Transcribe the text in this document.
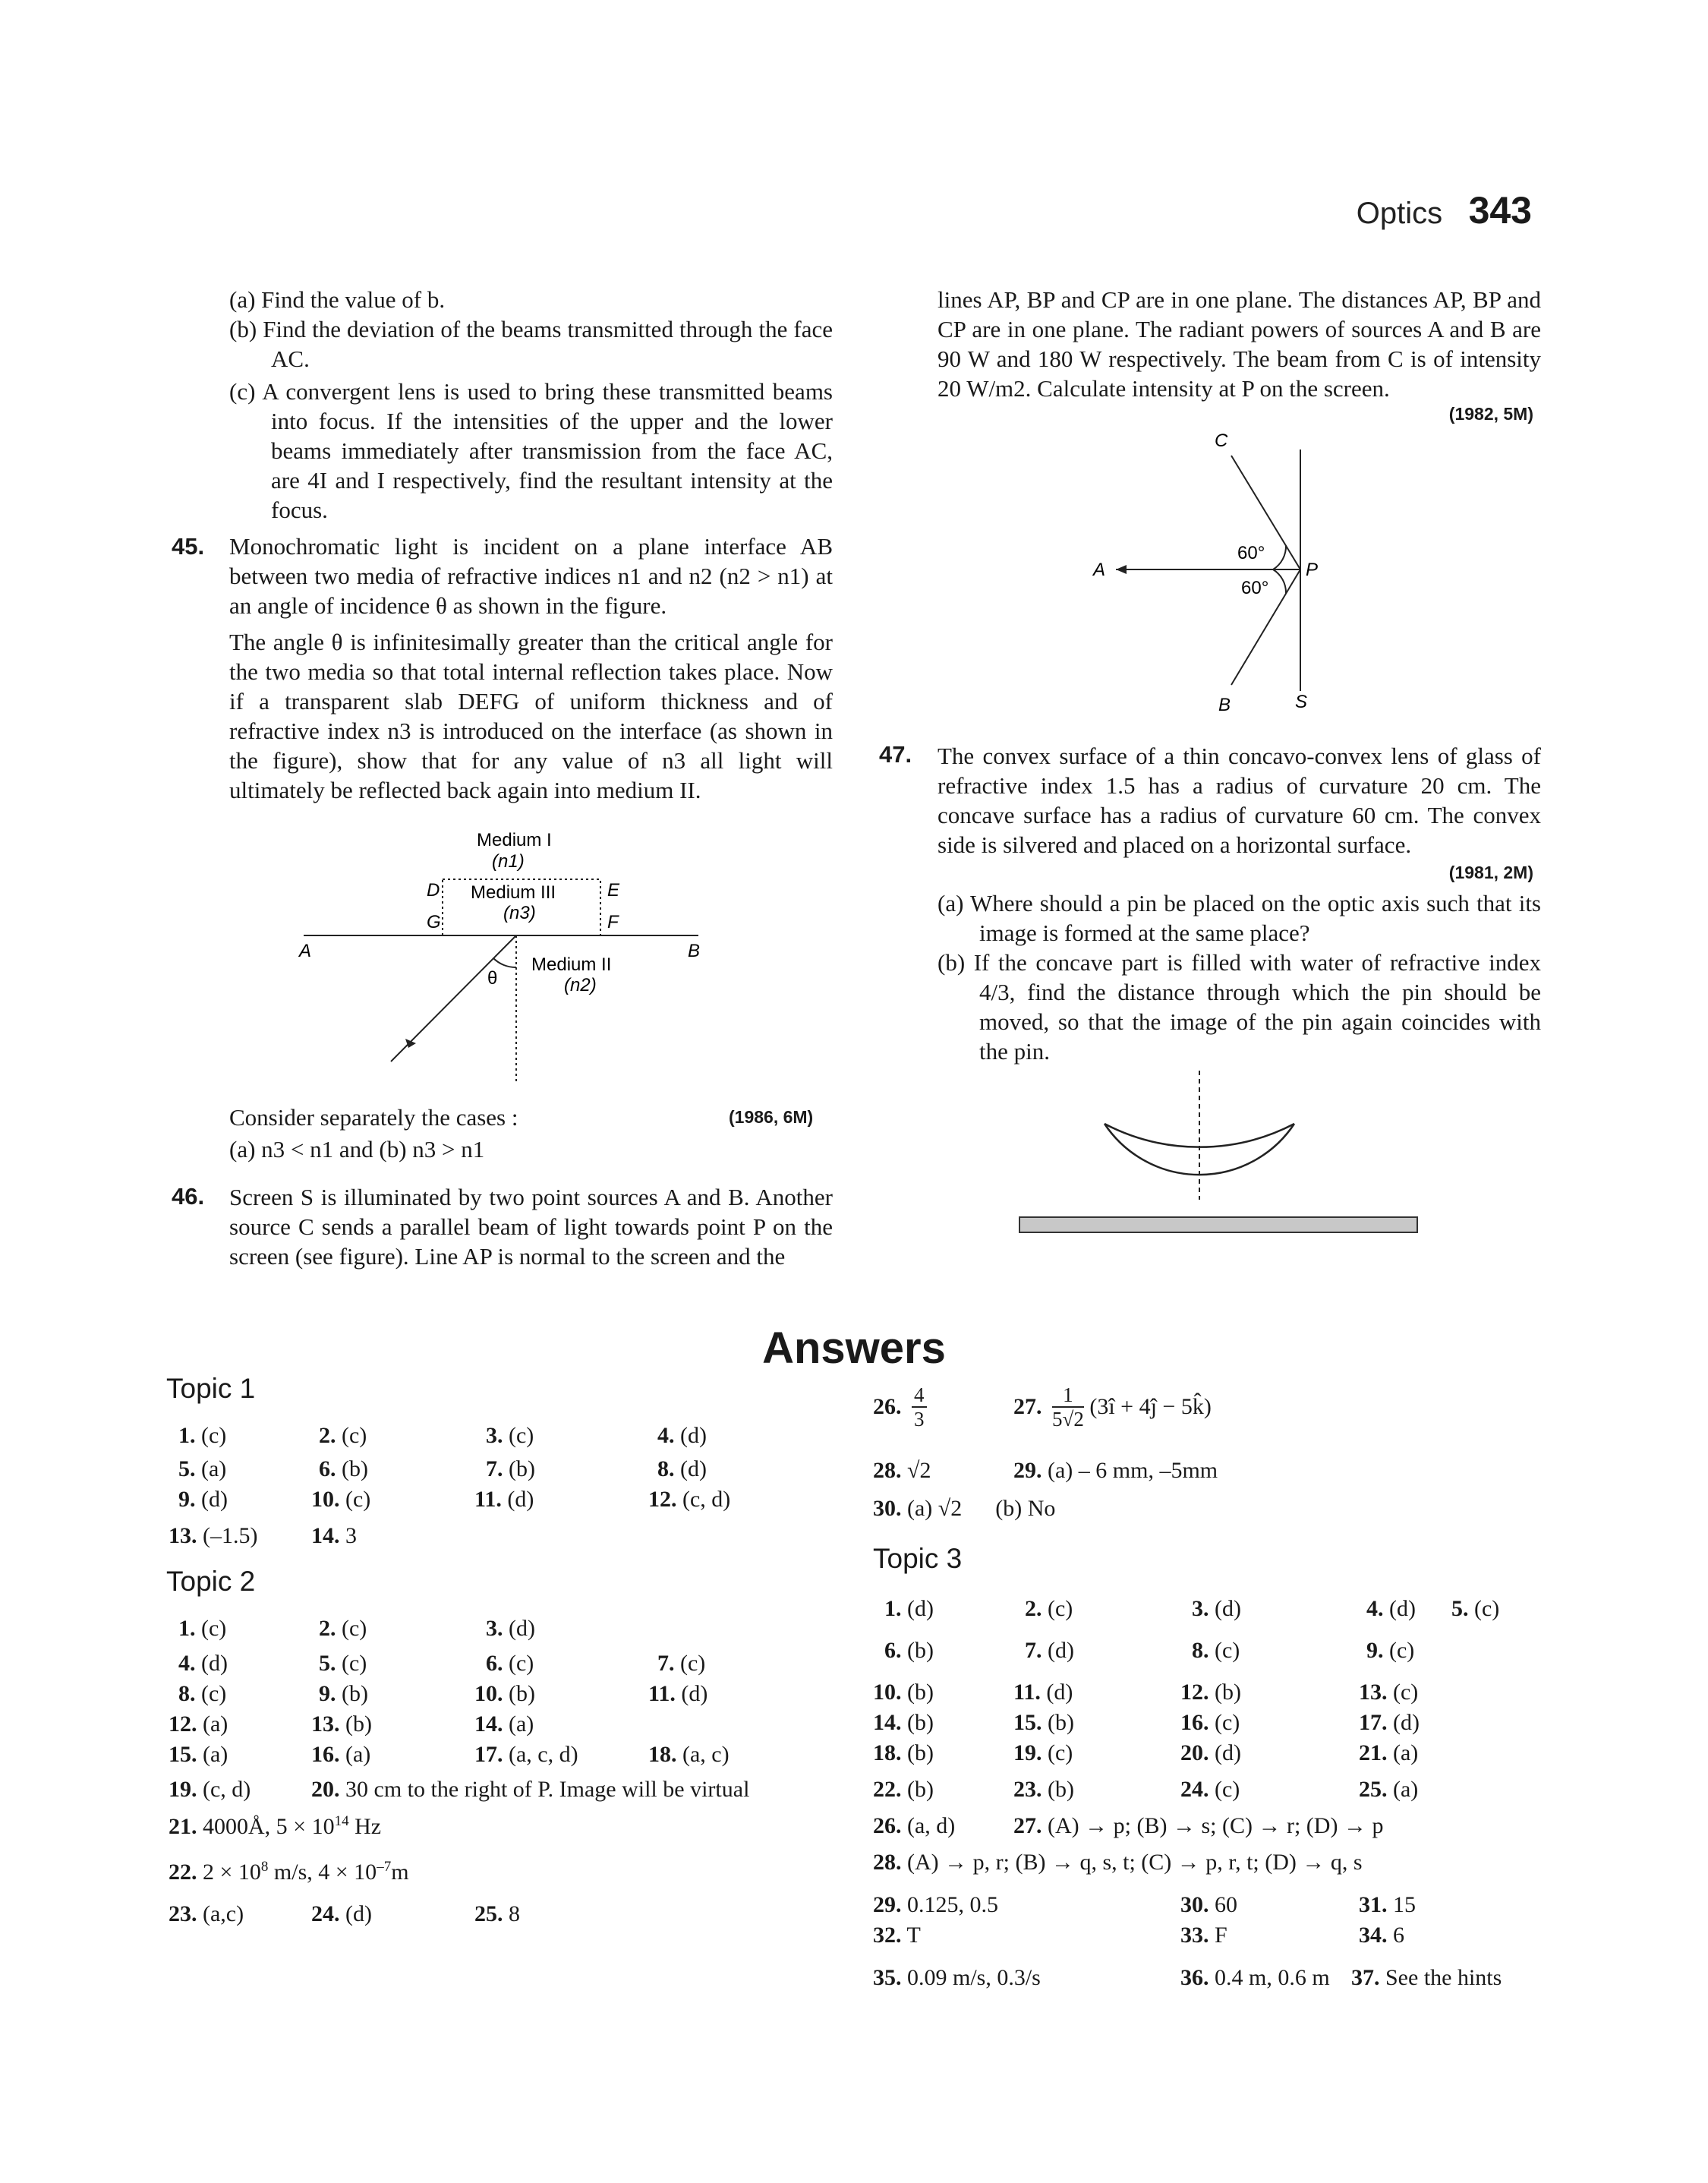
Optics 343
(a) Find the value of b.
(b) Find the deviation of the beams transmitted through the face AC.
(c) A convergent lens is used to bring these transmitted beams into focus. If the intensities of the upper and the lower beams immediately after transmission from the face AC, are 4I and I respectively, find the resultant intensity at the focus.
45. Monochromatic light is incident on a plane interface AB between two media of refractive indices n1 and n2 (n2 > n1) at an angle of incidence θ as shown in the figure.
The angle θ is infinitesimally greater than the critical angle for the two media so that total internal reflection takes place. Now if a transparent slab DEFG of uniform thickness and of refractive index n3 is introduced on the interface (as shown in the figure), show that for any value of n3 all light will ultimately be reflected back again into medium II.
Medium I
(n1)
D	E
G	F
Medium III
(n3)
A	B
Medium II
(n2)
θ
Consider separately the cases :	(1986, 6M)
(a) n3 < n1 and (b) n3 > n1
46. Screen S is illuminated by two point sources A and B. Another source C sends a parallel beam of light towards point P on the screen (see figure). Line AP is normal to the screen and the
lines AP, BP and CP are in one plane. The distances AP, BP and CP are in one plane. The radiant powers of sources A and B are 90 W and 180 W respectively. The beam from C is of intensity 20 W/m2. Calculate intensity at P on the screen.
(1982, 5M)
C
A	P
B	S
60°
60°
47. The convex surface of a thin concavo-convex lens of glass of refractive index 1.5 has a radius of curvature 20 cm. The concave surface has a radius of curvature 60 cm. The convex side is silvered and placed on a horizontal surface.
(1981, 2M)
(a) Where should a pin be placed on the optic axis such that its image is formed at the same place?
(b) If the concave part is filled with water of refractive index 4/3, find the distance through which the pin should be moved, so that the image of the pin again coincides with the pin.
Answers
Topic 1
1. (c)	2. (c)	3. (c)	4. (d)
5. (a)	6. (b)	7. (b)	8. (d)
9. (d)	10. (c)	11. (d)	12. (c, d)
13. (–1.5) 14. 3
Topic 2
1. (c)	2. (c)	3. (d)
4. (d)	5. (c)	6. (c)	7. (c)
8. (c)	9. (b)	10. (b)	11. (d)
12. (a)	13. (b)	14. (a)
15. (a)	16. (a)	17. (a, c, d)	18. (a, c)
19. (c, d)	20. 30 cm to the right of P. Image will be virtual
21. 4000Å, $5 \times 10^{14}$ Hz
22. $2 \times 10^8$ m/s, $4 \times 10^{-7}m$
23. (a,c)	24. (d)	25. 8
26. $\frac{4}{3}$	27. $\frac{1}{5√2}$ (3î + 4ĵ − 5k̂)
28. √2	29. (a) – 6 mm, –5mm
30. (a) √2 (b) No
Topic 3
1. (d)	2. (c)	3. (d)	4. (d) 5. (c)
6. (b)	7. (d)	8. (c)	9. (c)
10. (b)	11. (d)	12. (b)	13. (c)
14. (b)	15. (b)	16. (c)	17. (d)
18. (b)	19. (c)	20. (d)	21. (a)
22. (b)	23. (b)	24. (c)	25. (a)
26. (a, d)	27. (A) → p; (B) → s; (C) → r; (D) → p
28. (A) → p, r; (B) → q, s, t; (C) → p, r, t; (D) → q, s
29. 0.125, 0.5	30. 60	31. 15
32. T	33. F	34. 6
35. 0.09 m/s, 0.3/s	36. 0.4 m, 0.6 m 37. See the hints
